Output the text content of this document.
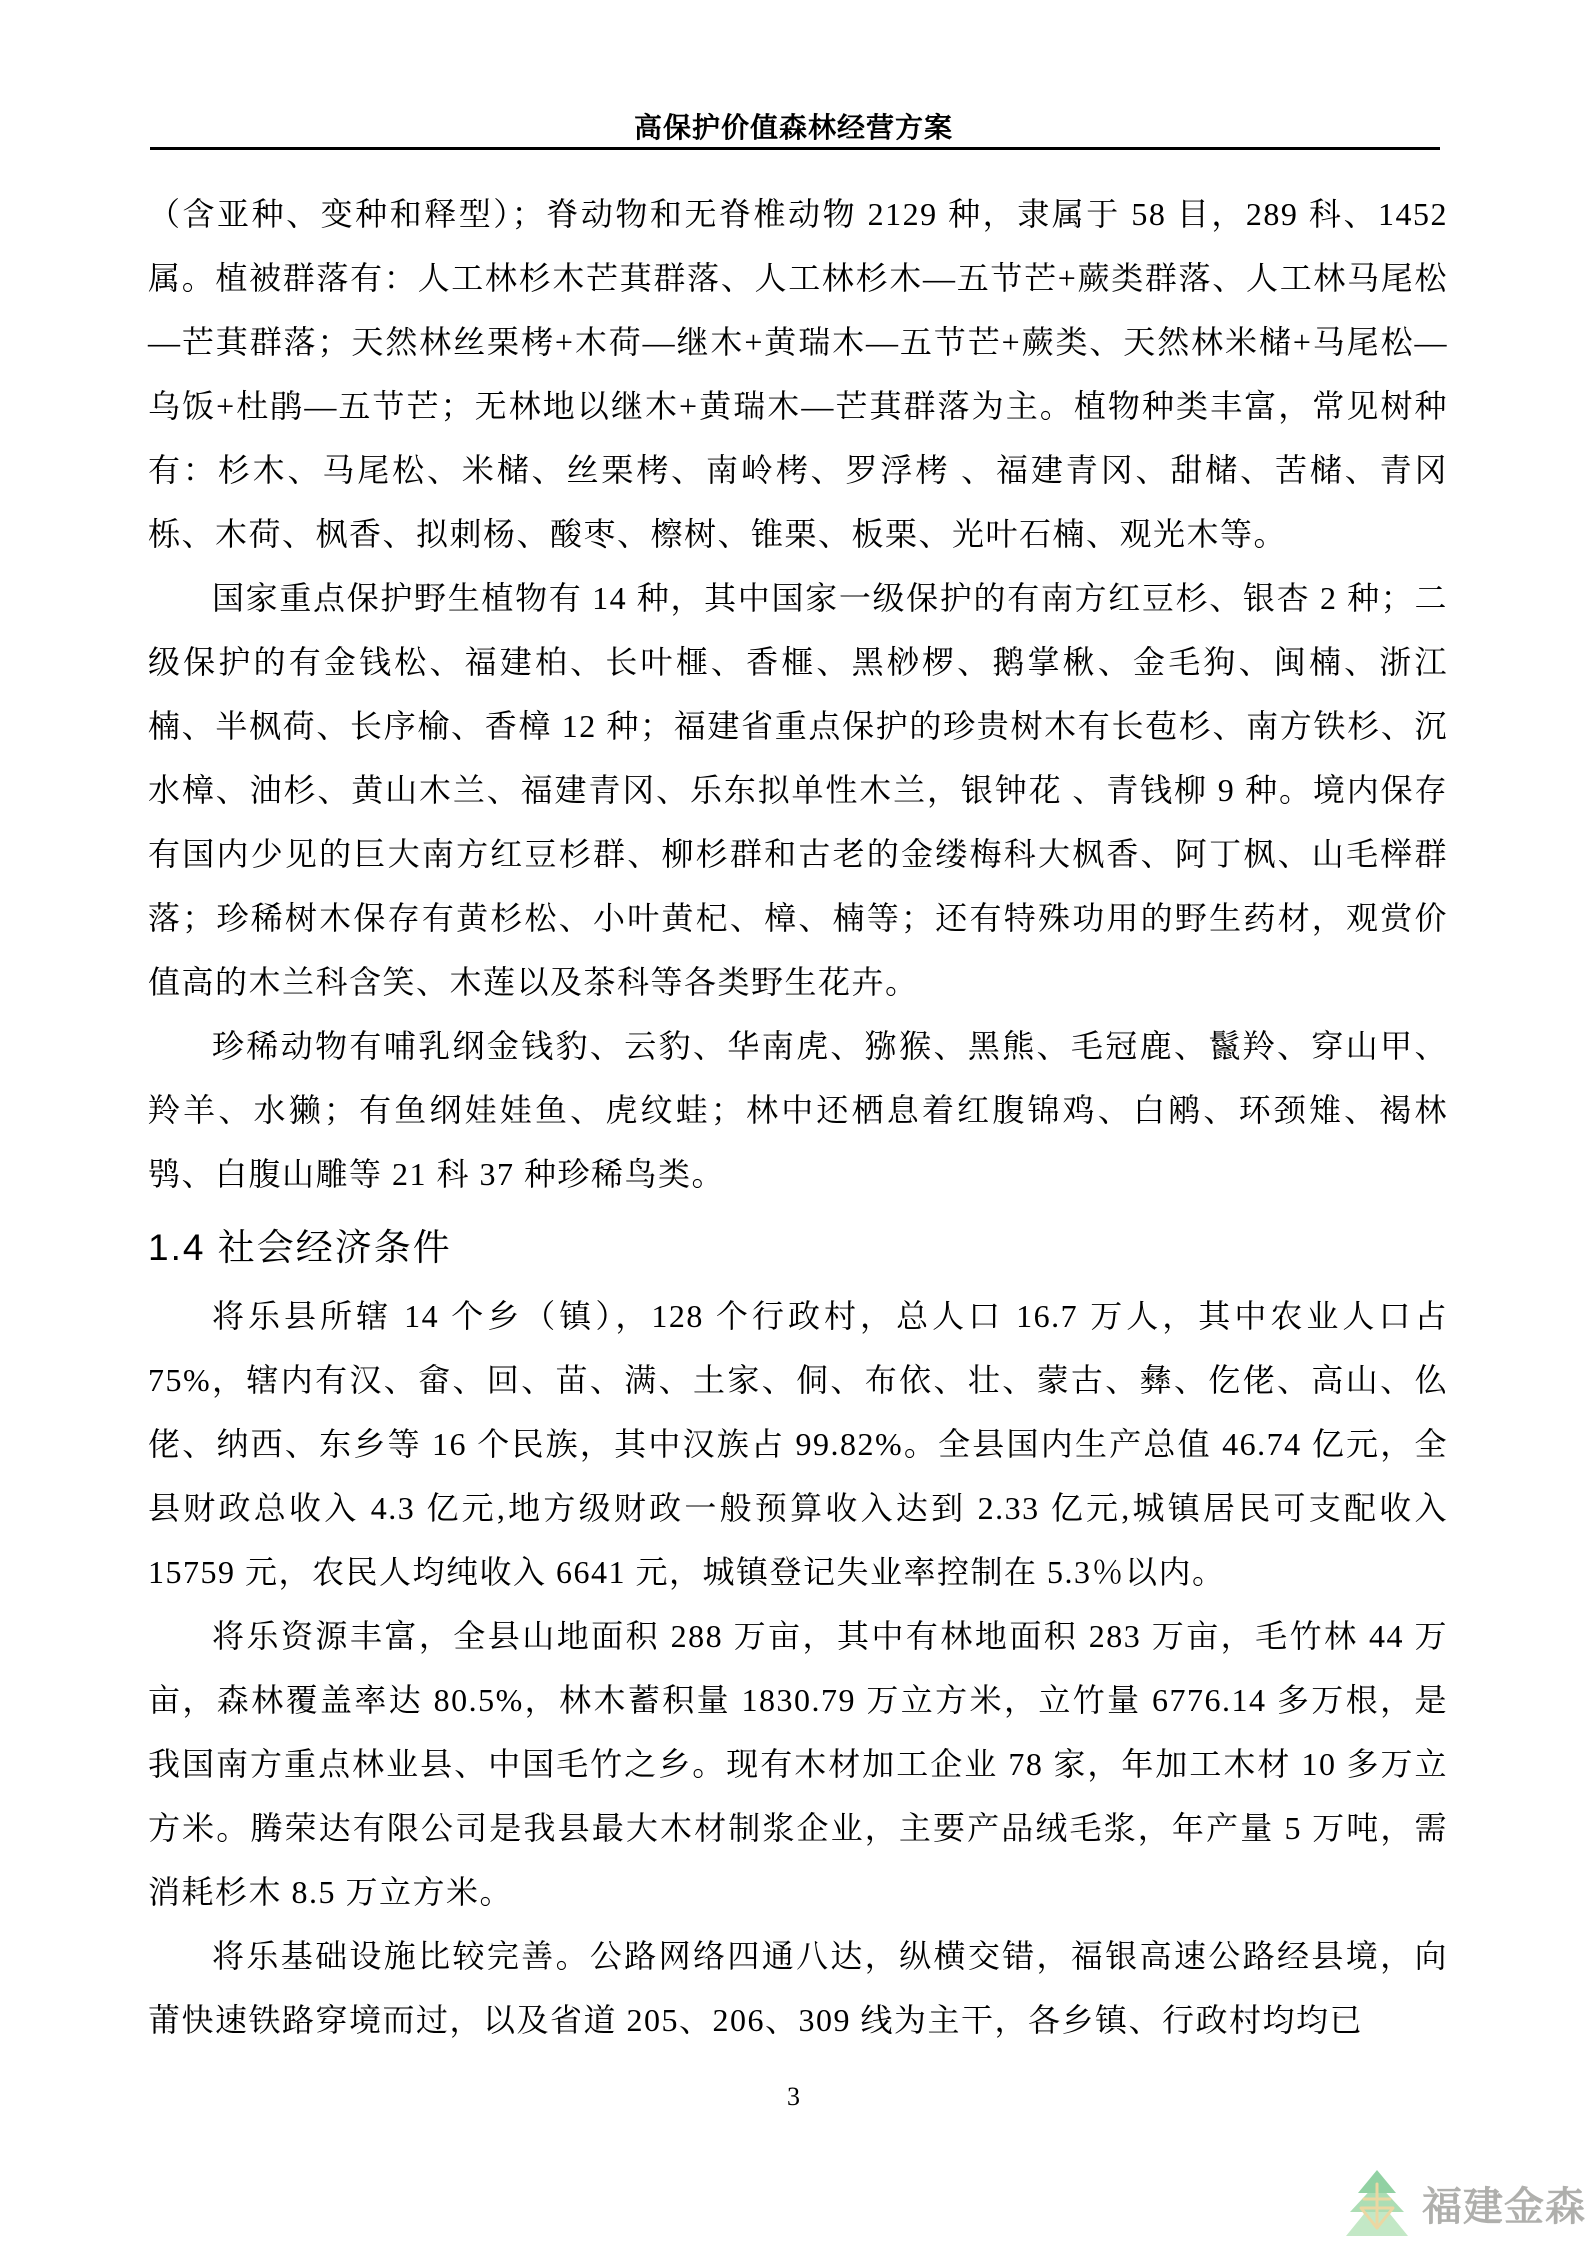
高保护价值森林经营方案

（含亚种、变种和释型）；脊动物和无脊椎动物 2129 种，隶属于 58 目，289 科、1452 属。植被群落有：人工林杉木芒萁群落、人工林杉木—五节芒+蕨类群落、人工林马尾松—芒萁群落；天然林丝栗栲+木荷—继木+黄瑞木—五节芒+蕨类、天然林米槠+马尾松—乌饭+杜鹃—五节芒；无林地以继木+黄瑞木—芒萁群落为主。植物种类丰富，常见树种有：杉木、马尾松、米槠、丝栗栲、南岭栲、罗浮栲 、福建青冈、甜槠、苦槠、青冈栎、木荷、枫香、拟刺杨、酸枣、檫树、锥栗、板栗、光叶石楠、观光木等。

国家重点保护野生植物有 14 种，其中国家一级保护的有南方红豆杉、银杏 2 种；二级保护的有金钱松、福建柏、长叶榧、香榧、黑桫椤、鹅掌楸、金毛狗、闽楠、浙江楠、半枫荷、长序榆、香樟 12 种；福建省重点保护的珍贵树木有长苞杉、南方铁杉、沉水樟、油杉、黄山木兰、福建青冈、乐东拟单性木兰，银钟花 、青钱柳 9 种。境内保存有国内少见的巨大南方红豆杉群、柳杉群和古老的金缕梅科大枫香、阿丁枫、山毛榉群落；珍稀树木保存有黄杉松、小叶黄杞、樟、楠等；还有特殊功用的野生药材，观赏价值高的木兰科含笑、木莲以及茶科等各类野生花卉。

珍稀动物有哺乳纲金钱豹、云豹、华南虎、猕猴、黑熊、毛冠鹿、鬣羚、穿山甲、羚羊、水獭；有鱼纲娃娃鱼、虎纹蛙；林中还栖息着红腹锦鸡、白鹇、环颈雉、褐林鸮、白腹山雕等 21 科 37 种珍稀鸟类。

1.4 社会经济条件

将乐县所辖 14 个乡（镇），128 个行政村，总人口 16.7 万人，其中农业人口占 75%，辖内有汉、畲、回、苗、满、土家、侗、布依、壮、蒙古、彝、仡佬、高山、仫佬、纳西、东乡等 16 个民族，其中汉族占 99.82%。全县国内生产总值 46.74 亿元，全县财政总收入 4.3 亿元,地方级财政一般预算收入达到 2.33 亿元,城镇居民可支配收入 15759 元，农民人均纯收入 6641 元，城镇登记失业率控制在 5.3％以内。

将乐资源丰富，全县山地面积 288 万亩，其中有林地面积 283 万亩，毛竹林 44 万亩，森林覆盖率达 80.5%，林木蓄积量 1830.79 万立方米，立竹量 6776.14 多万根，是我国南方重点林业县、中国毛竹之乡。现有木材加工企业 78 家，年加工木材 10 多万立方米。腾荣达有限公司是我县最大木材制浆企业，主要产品绒毛浆，年产量 5 万吨，需消耗杉木 8.5 万立方米。

将乐基础设施比较完善。公路网络四通八达，纵横交错，福银高速公路经县境，向莆快速铁路穿境而过，以及省道 205、206、309 线为主干，各乡镇、行政村均均已

3
福建金森
